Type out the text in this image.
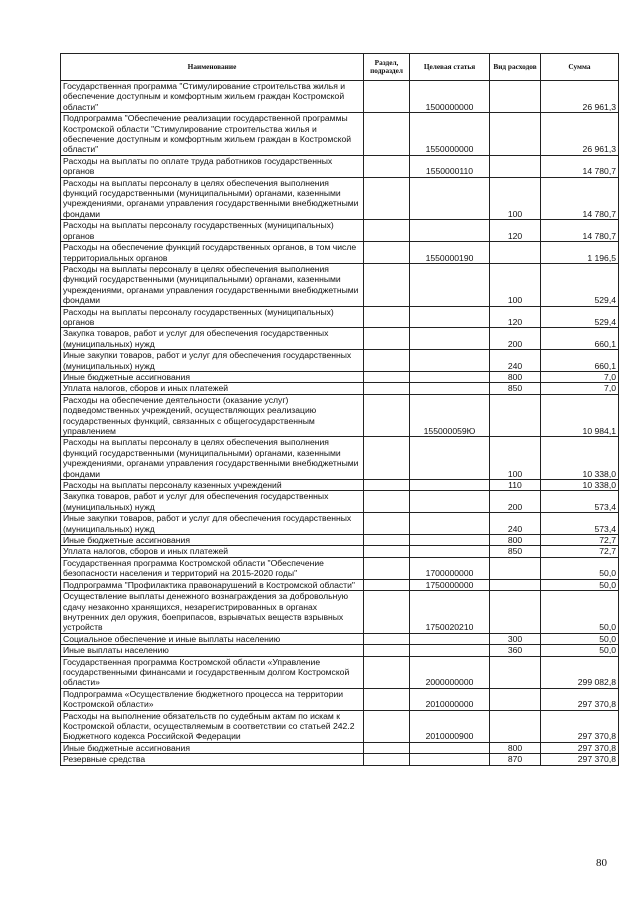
Наименование	Раздел, подраздел	Целевая статья	Вид расходов	Сумма
Государственная программа "Стимулирование строительства жилья и обеспечение доступным и комфортным жильем граждан Костромской области"		1500000000		26 961,3
Подпрограмма "Обеспечение реализации государственной программы Костромской области "Стимулирование строительства жилья и обеспечение доступным и комфортным жильем граждан в Костромской области"		1550000000		26 961,3
Расходы на выплаты по оплате труда работников государственных органов		1550000110		14 780,7
Расходы на выплаты персоналу в целях обеспечения выполнения функций государственными (муниципальными) органами, казенными учреждениями, органами управления государственными внебюджетными фондами			100	14 780,7
Расходы на выплаты персоналу государственных (муниципальных) органов			120	14 780,7
Расходы на обеспечение функций государственных органов, в том числе территориальных органов		1550000190		1 196,5
Расходы на выплаты персоналу в целях обеспечения выполнения функций государственными (муниципальными) органами, казенными учреждениями, органами управления государственными внебюджетными фондами			100	529,4
Расходы на выплаты персоналу государственных (муниципальных) органов			120	529,4
Закупка товаров, работ и услуг для обеспечения государственных (муниципальных) нужд			200	660,1
Иные закупки товаров, работ и услуг для обеспечения государственных (муниципальных) нужд			240	660,1
Иные бюджетные ассигнования			800	7,0
Уплата налогов, сборов и иных платежей			850	7,0
Расходы на обеспечение деятельности (оказание услуг) подведомственных учреждений, осуществляющих реализацию государственных функций, связанных с общегосударственным управлением		155000059Ю		10 984,1
Расходы на выплаты персоналу в целях обеспечения выполнения функций государственными (муниципальными) органами, казенными учреждениями, органами управления государственными внебюджетными фондами			100	10 338,0
Расходы на выплаты персоналу казенных учреждений			110	10 338,0
Закупка товаров, работ и услуг для обеспечения государственных (муниципальных) нужд			200	573,4
Иные закупки товаров, работ и услуг для обеспечения государственных (муниципальных) нужд			240	573,4
Иные бюджетные ассигнования			800	72,7
Уплата налогов, сборов и иных платежей			850	72,7
Государственная программа Костромской области "Обеспечение безопасности населения и территорий на 2015-2020 годы"		1700000000		50,0
Подпрограмма "Профилактика правонарушений в Костромской области"		1750000000		50,0
Осуществление выплаты денежного вознаграждения за добровольную сдачу незаконно хранящихся, незарегистрированных в органах внутренних дел оружия, боеприпасов, взрывчатых веществ взрывных устройств		1750020210		50,0
Социальное обеспечение и иные выплаты населению			300	50,0
Иные выплаты населению			360	50,0
Государственная программа Костромской области «Управление государственными финансами и государственным долгом Костромской области»		2000000000		299 082,8
Подпрограмма «Осуществление бюджетного процесса на территории Костромской области»		2010000000		297 370,8
Расходы на выполнение обязательств по судебным актам по искам к Костромской области, осуществляемым в соответствии со статьей 242.2 Бюджетного кодекса Российской Федерации		2010000900		297 370,8
Иные бюджетные ассигнования			800	297 370,8
Резервные средства			870	297 370,8
80
